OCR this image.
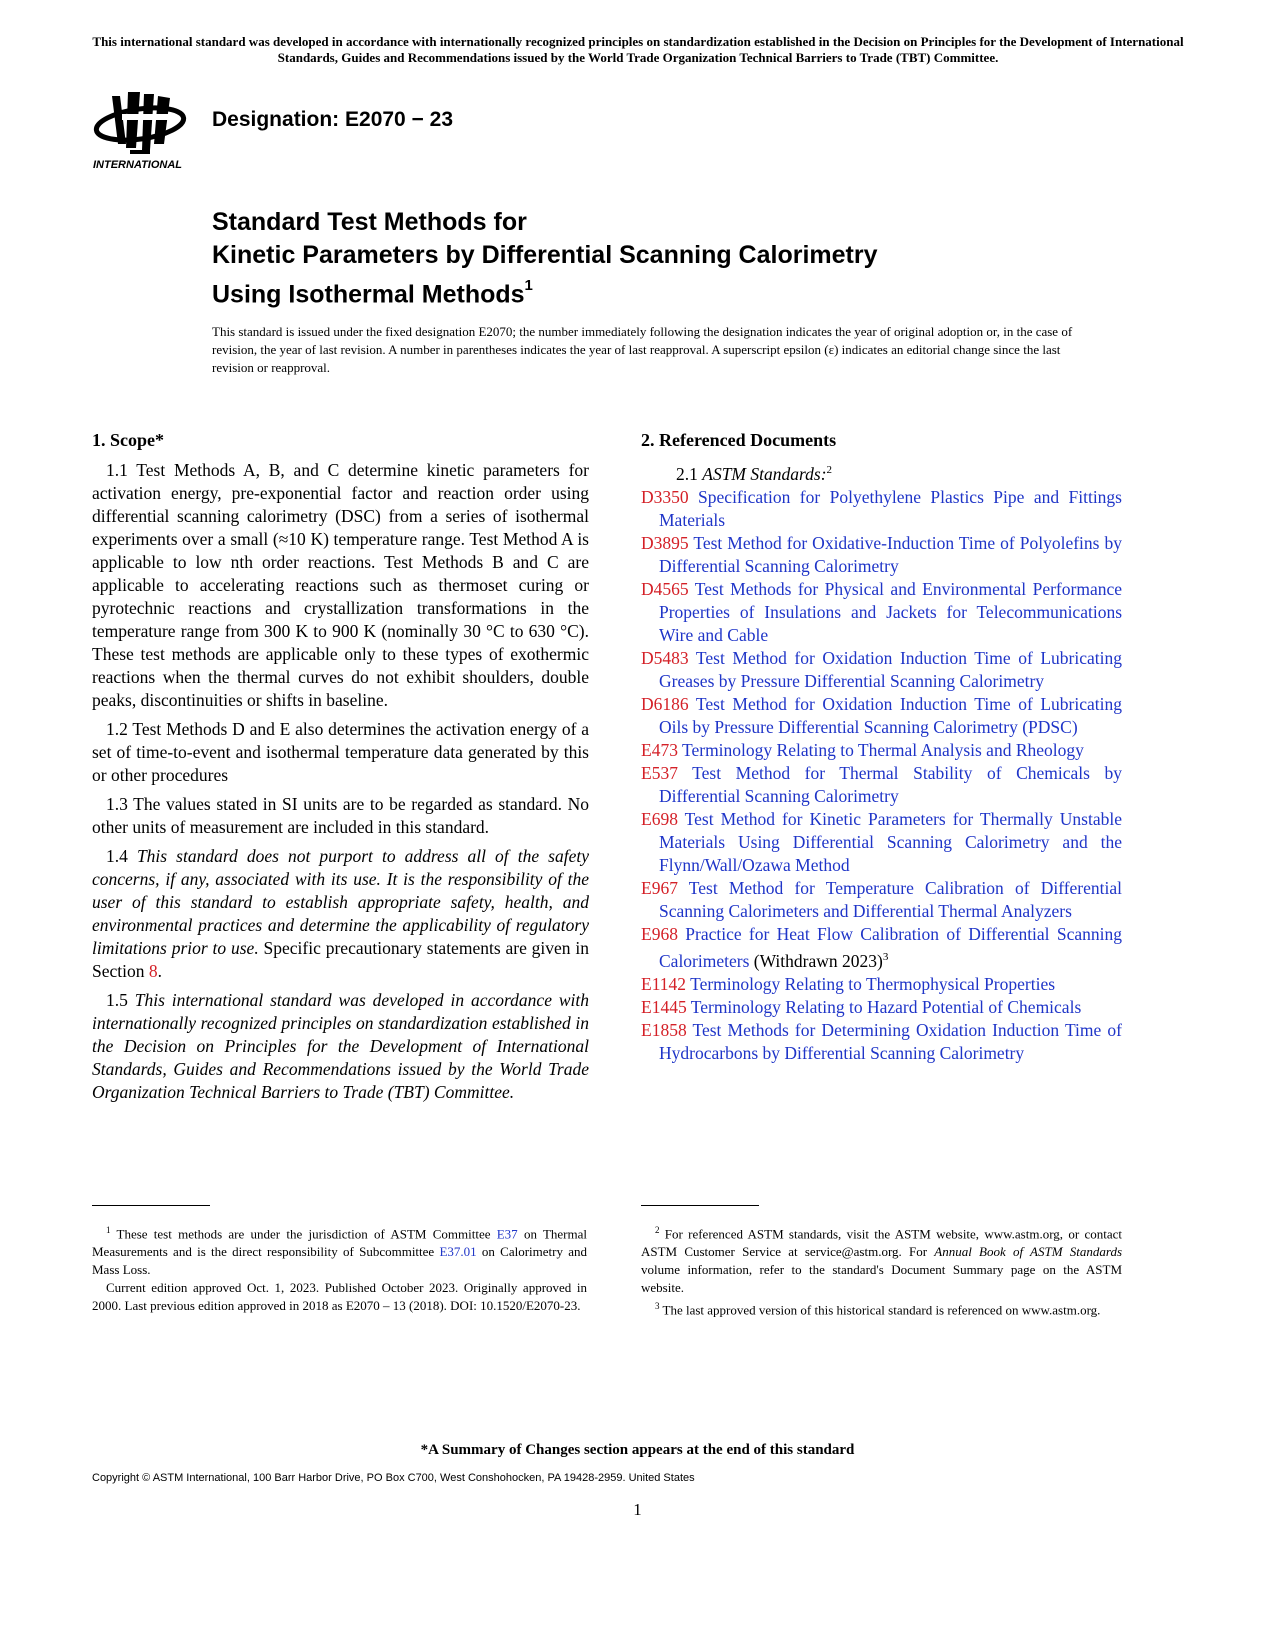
This international standard was developed in accordance with internationally recognized principles on standardization established in the Decision on Principles for the Development of International Standards, Guides and Recommendations issued by the World Trade Organization Technical Barriers to Trade (TBT) Committee.
INTERNATIONAL
Designation: E2070 − 23
Standard Test Methods for
Kinetic Parameters by Differential Scanning Calorimetry
Using Isothermal Methods$^1$
This standard is issued under the fixed designation E2070; the number immediately following the designation indicates the year of original adoption or, in the case of revision, the year of last revision. A number in parentheses indicates the year of last reapproval. A superscript epsilon (ε) indicates an editorial change since the last revision or reapproval.
1. Scope*

1.1 Test Methods A, B, and C determine kinetic parameters for activation energy, pre-exponential factor and reaction order using differential scanning calorimetry (DSC) from a series of isothermal experiments over a small (≈10 K) temperature range. Test Method A is applicable to low nth order reactions. Test Methods B and C are applicable to accelerating reactions such as thermoset curing or pyrotechnic reactions and crystallization transformations in the temperature range from 300 K to 900 K (nominally 30 °C to 630 °C). These test methods are applicable only to these types of exothermic reactions when the thermal curves do not exhibit shoulders, double peaks, discontinuities or shifts in baseline.

1.2 Test Methods D and E also determines the activation energy of a set of time-to-event and isothermal temperature data generated by this or other procedures

1.3 The values stated in SI units are to be regarded as standard. No other units of measurement are included in this standard.

1.4 This standard does not purport to address all of the safety concerns, if any, associated with its use. It is the responsibility of the user of this standard to establish appropriate safety, health, and environmental practices and determine the applicability of regulatory limitations prior to use. Specific precautionary statements are given in Section 8.

1.5 This international standard was developed in accordance with internationally recognized principles on standardization established in the Decision on Principles for the Development of International Standards, Guides and Recommendations issued by the World Trade Organization Technical Barriers to Trade (TBT) Committee.

2. Referenced Documents
2.1 ASTM Standards:$^2$
D3350 Specification for Polyethylene Plastics Pipe and Fittings Materials
D3895 Test Method for Oxidative-Induction Time of Polyolefins by Differential Scanning Calorimetry
D4565 Test Methods for Physical and Environmental Performance Properties of Insulations and Jackets for Telecommunications Wire and Cable
D5483 Test Method for Oxidation Induction Time of Lubricating Greases by Pressure Differential Scanning Calorimetry
D6186 Test Method for Oxidation Induction Time of Lubricating Oils by Pressure Differential Scanning Calorimetry (PDSC)
E473 Terminology Relating to Thermal Analysis and Rheology
E537 Test Method for Thermal Stability of Chemicals by Differential Scanning Calorimetry
E698 Test Method for Kinetic Parameters for Thermally Unstable Materials Using Differential Scanning Calorimetry and the Flynn/Wall/Ozawa Method
E967 Test Method for Temperature Calibration of Differential Scanning Calorimeters and Differential Thermal Analyzers
E968 Practice for Heat Flow Calibration of Differential Scanning Calorimeters (Withdrawn 2023)$^3$
E1142 Terminology Relating to Thermophysical Properties
E1445 Terminology Relating to Hazard Potential of Chemicals
E1858 Test Methods for Determining Oxidation Induction Time of Hydrocarbons by Differential Scanning Calorimetry
$^1$ These test methods are under the jurisdiction of ASTM Committee E37 on Thermal Measurements and is the direct responsibility of Subcommittee E37.01 on Calorimetry and Mass Loss.
Current edition approved Oct. 1, 2023. Published October 2023. Originally approved in 2000. Last previous edition approved in 2018 as E2070 – 13 (2018). DOI: 10.1520/E2070-23.
$^2$ For referenced ASTM standards, visit the ASTM website, www.astm.org, or contact ASTM Customer Service at service@astm.org. For Annual Book of ASTM Standards volume information, refer to the standard's Document Summary page on the ASTM website.
$^3$ The last approved version of this historical standard is referenced on www.astm.org.
*A Summary of Changes section appears at the end of this standard
Copyright © ASTM International, 100 Barr Harbor Drive, PO Box C700, West Conshohocken, PA 19428-2959. United States
1
